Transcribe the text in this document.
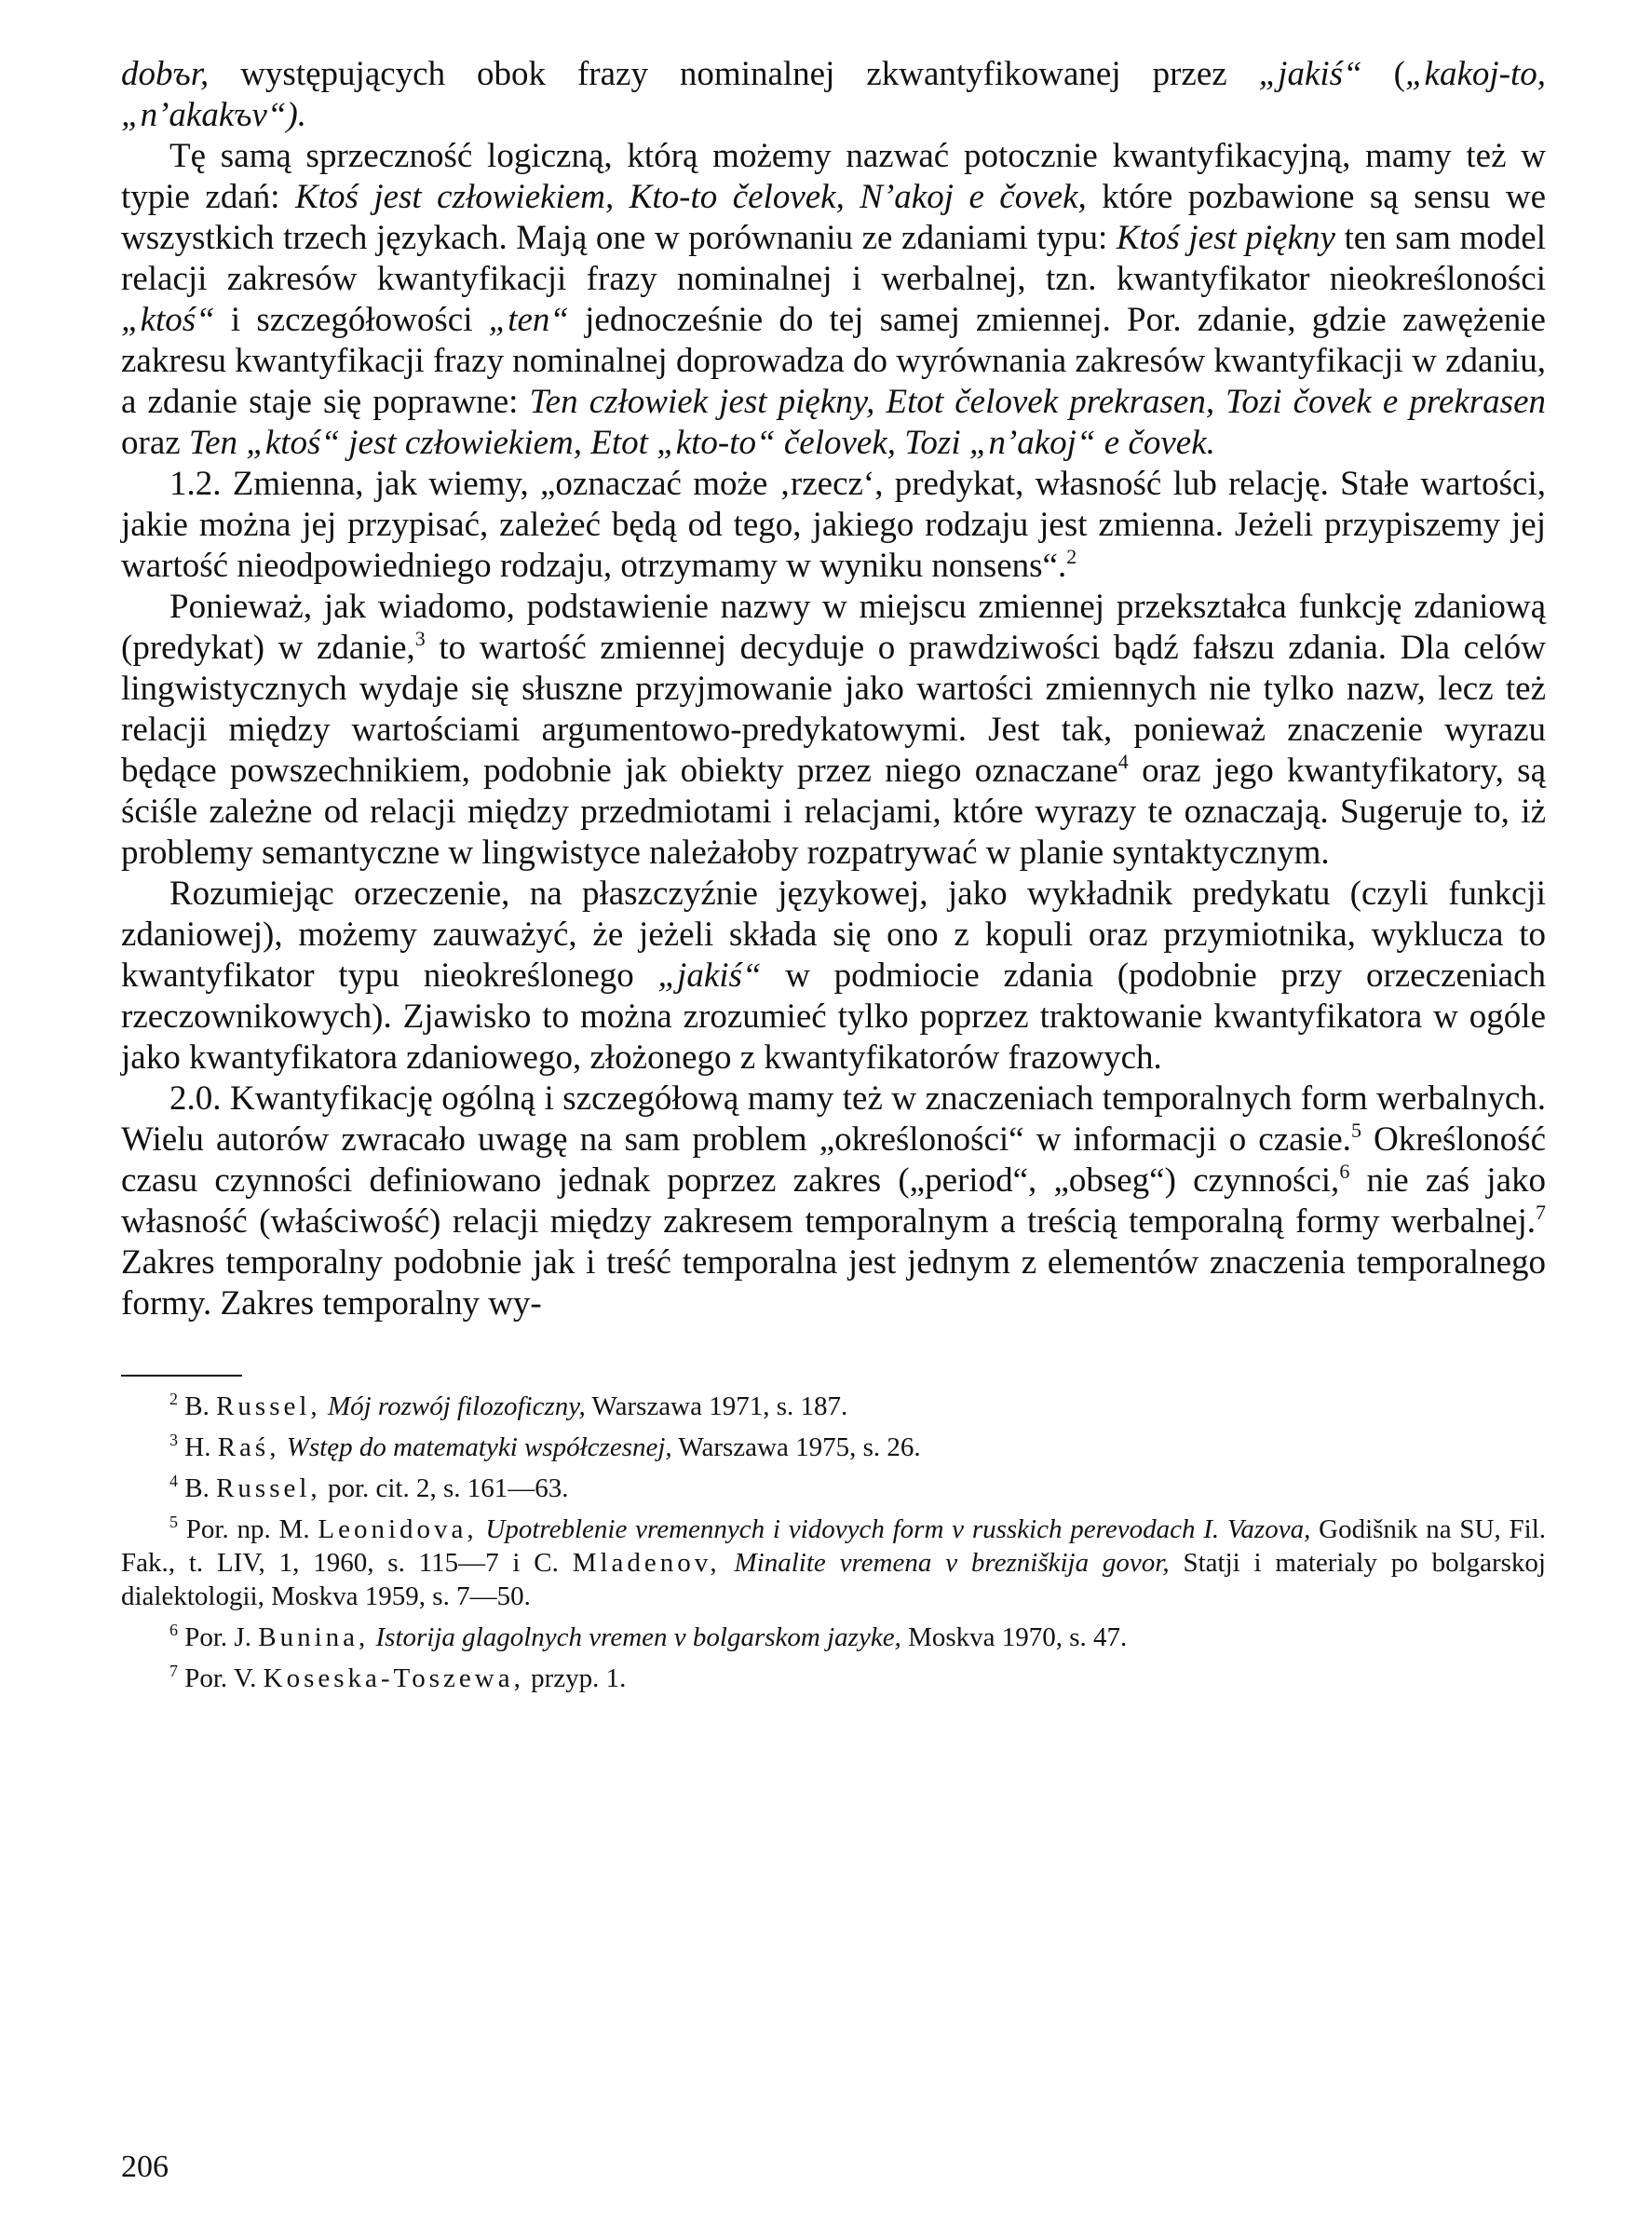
dobъr, występujących obok frazy nominalnej zkwantyfikowanej przez „jakiś“ („kakoj-to, „n’akakъv“).

Tę samą sprzeczność logiczną, którą możemy nazwać potocznie kwantyfikacyjną, mamy też w typie zdań: Ktoś jest człowiekiem, Kto-to čelovek, N’akoj e čovek, które pozbawione są sensu we wszystkich trzech językach. Mają one w porównaniu ze zdaniami typu: Ktoś jest piękny ten sam model relacji zakresów kwantyfikacji frazy nominalnej i werbalnej, tzn. kwantyfikator nieokreśloności „ktoś“ i szczegółowości „ten“ jednocześnie do tej samej zmiennej. Por. zdanie, gdzie zawężenie zakresu kwantyfikacji frazy nominalnej doprowadza do wyrównania zakresów kwantyfikacji w zdaniu, a zdanie staje się poprawne: Ten człowiek jest piękny, Etot čelovek prekrasen, Tozi čovek e prekrasen oraz Ten „ktoś“ jest człowiekiem, Etot „kto-to“ čelovek, Tozi „n’akoj“ e čovek.

1.2. Zmienna, jak wiemy, „oznaczać może ‚rzecz‘, predykat, własność lub relację. Stałe wartości, jakie można jej przypisać, zależeć będą od tego, jakiego rodzaju jest zmienna. Jeżeli przypiszemy jej wartość nieodpowiedniego rodzaju, otrzymamy w wyniku nonsens“.$^2$

Ponieważ, jak wiadomo, podstawienie nazwy w miejscu zmiennej przekształca funkcję zdaniową (predykat) w zdanie,$^3$ to wartość zmiennej decyduje o prawdziwości bądź fałszu zdania. Dla celów lingwistycznych wydaje się słuszne przyjmowanie jako wartości zmiennych nie tylko nazw, lecz też relacji między wartościami argumentowo-predykatowymi. Jest tak, ponieważ znaczenie wyrazu będące powszechnikiem, podobnie jak obiekty przez niego oznaczane$^4$ oraz jego kwantyfikatory, są ściśle zależne od relacji między przedmiotami i relacjami, które wyrazy te oznaczają. Sugeruje to, iż problemy semantyczne w lingwistyce należałoby rozpatrywać w planie syntaktycznym.

Rozumiejąc orzeczenie, na płaszczyźnie językowej, jako wykładnik predykatu (czyli funkcji zdaniowej), możemy zauważyć, że jeżeli składa się ono z kopuli oraz przymiotnika, wyklucza to kwantyfikator typu nieokreślonego „jakiś“ w podmiocie zdania (podobnie przy orzeczeniach rzeczownikowych). Zjawisko to można zrozumieć tylko poprzez traktowanie kwantyfikatora w ogóle jako kwantyfikatora zdaniowego, złożonego z kwantyfikatorów frazowych.

2.0. Kwantyfikację ogólną i szczegółową mamy też w znaczeniach temporalnych form werbalnych. Wielu autorów zwracało uwagę na sam problem „określoności“ w informacji o czasie.$^5$ Określoność czasu czynności definiowano jednak poprzez zakres („period“, „obseg“) czynności,$^6$ nie zaś jako własność (właściwość) relacji między zakresem temporalnym a treścią temporalną formy werbalnej.$^7$ Zakres temporalny podobnie jak i treść temporalna jest jednym z elementów znaczenia temporalnego formy. Zakres temporalny wy-

$^2$ B. Russel, Mój rozwój filozoficzny, Warszawa 1971, s. 187.

$^3$ H. Raś, Wstęp do matematyki współczesnej, Warszawa 1975, s. 26.

$^4$ B. Russel, por. cit. 2, s. 161—63.

$^5$ Por. np. M. Leonidova, Upotreblenie vremennych i vidovych form v russkich perevodach I. Vazova, Godišnik na SU, Fil. Fak., t. LIV, 1, 1960, s. 115—7 i C. Mladenov, Minalite vremena v brezniškija govor, Statji i materialy po bolgarskoj dialektologii, Moskva 1959, s. 7—50.

$^6$ Por. J. Bunina, Istorija glagolnych vremen v bolgarskom jazyke, Moskva 1970, s. 47.

$^7$ Por. V. Koseska-Toszewa, przyp. 1.

206
